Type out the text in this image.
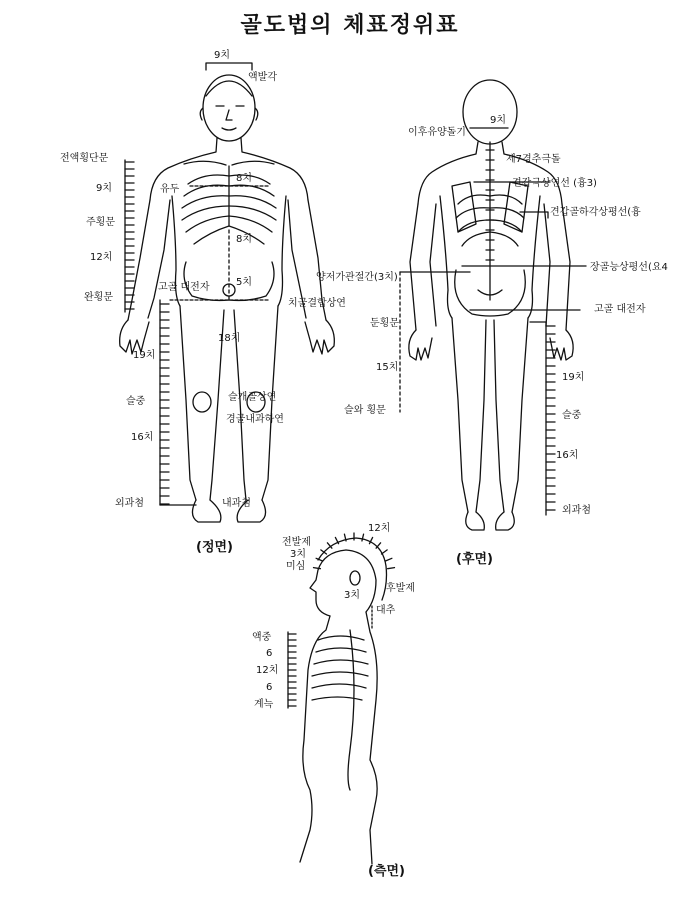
골도법의 체표정위표
9치
액발각
전액횡단문
9치
주횡문
12치
완횡문
8치
유두
8치
5치
고골 대전자
치골결합상연
18치
19치
슬중	슬개골상연
경골내과하연
16치
외과첨	내과첨
(정면)
9치
이후유양돌기
제7경추극돌
견갑극상연선 (흉3)
견갑골하각상평선(흉
장골능상평선(요4
양저가관절간(3치)
고골 대전자
둔횡문
15치
19치
슬와 횡문	슬중
16치
외과첨
(후면)
12치
전발제
3치
미심
3치
후발제
대추
액중
6
12치
6
계늑
(측면)
